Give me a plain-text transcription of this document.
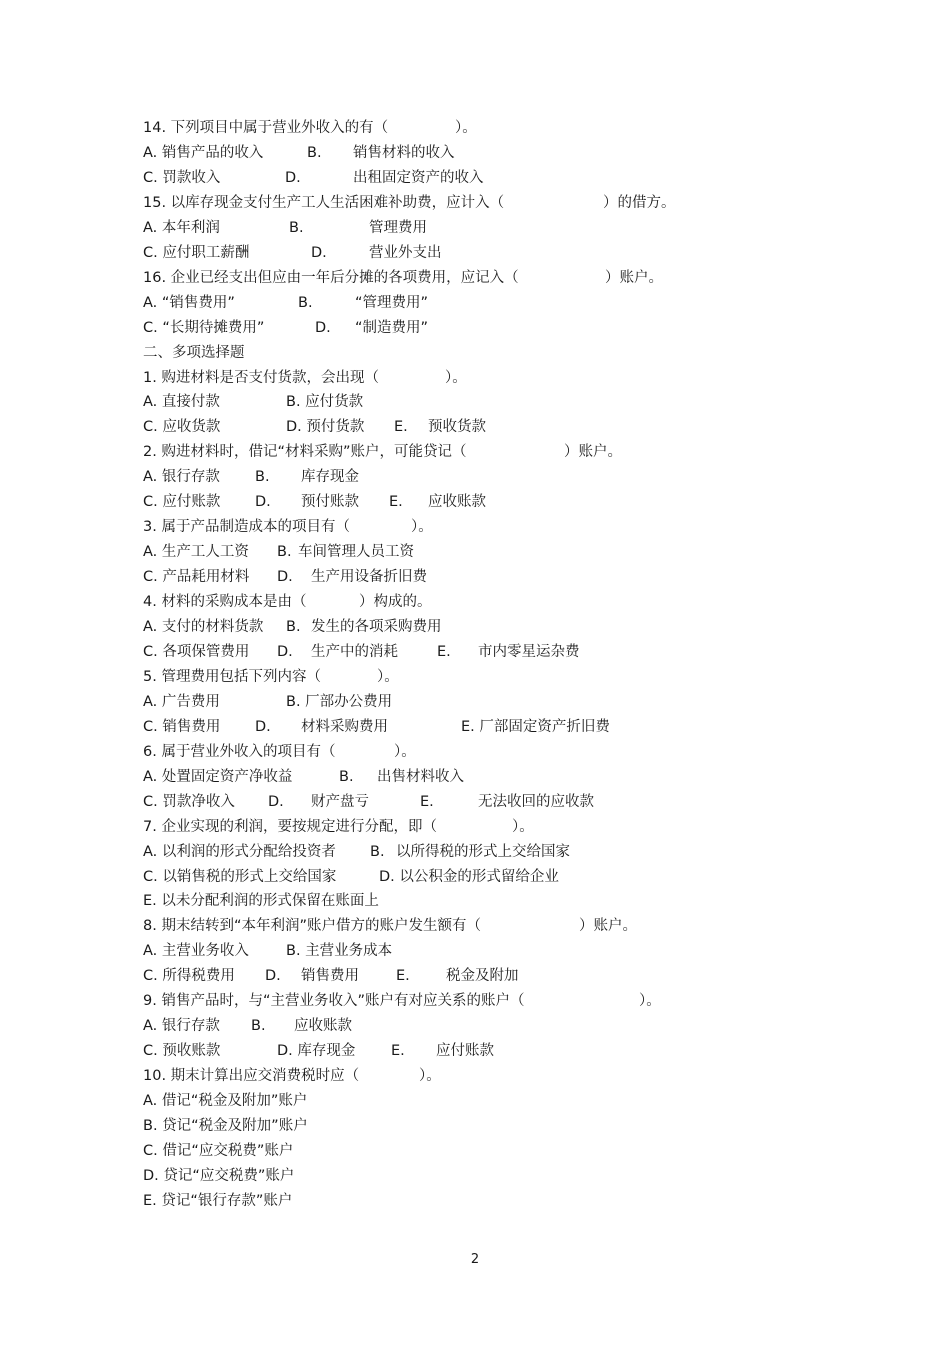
2
14. 下列项目中属于营业外收入的有（	）。
A. 销售产品的收入	B. 销售材料的收入
C. 罚款收入	D.	出租固定资产的收入
15. 以库存现金支付生产工人生活困难补助费，应计入（	）的借方。
A. 本年利润	B.	管理费用
C. 应付职工薪酬	D.	营业外支出
16. 企业已经支出但应由一年后分摊的各项费用，应记入（	）账户。
A. “销售费用”	B.	“管理费用”
C. “长期待摊费用”	D. “制造费用”
二、多项选择题
1. 购进材料是否支付货款，会出现（	）。
A. 直接付款	B. 应付货款
C. 应收货款	D. 预付货款 E. 预收货款
2. 购进材料时，借记“材料采购”账户，可能贷记（	）账户。
A. 银行存款 B. 库存现金
C. 应付账款 D. 预付账款 E. 应收账款
3. 属于产品制造成本的项目有（	）。
A. 生产工人工资 B. 车间管理人员工资
C. 产品耗用材料 D. 生产用设备折旧费
4. 材料的采购成本是由（	）构成的。
A. 支付的材料货款 B. 发生的各项采购费用
C. 各项保管费用 D. 生产中的消耗	E. 市内零星运杂费
5. 管理费用包括下列内容（	）。
A. 广告费用	B. 厂部办公费用
C. 销售费用 D. 材料采购费用	E. 厂部固定资产折旧费
6. 属于营业外收入的项目有（	）。
A. 处置固定资产净收益	B. 出售材料收入
C. 罚款净收入 D. 财产盘亏	E.	无法收回的应收款
7. 企业实现的利润，要按规定进行分配，即（	）。
A. 以利润的形式分配给投资者 B. 以所得税的形式上交给国家
C. 以销售税的形式上交给国家	D. 以公积金的形式留给企业
E. 以未分配利润的形式保留在账面上
8. 期末结转到“本年利润”账户借方的账户发生额有（	）账户。
A. 主营业务收入	B. 主营业务成本
C. 所得税费用 D. 销售费用	E. 税金及附加
9. 销售产品时，与“主营业务收入”账户有对应关系的账户（	）。
A. 银行存款 B. 应收账款
C. 预收账款	D. 库存现金 E. 应付账款
10. 期末计算出应交消费税时应（	）。
A. 借记“税金及附加”账户
B. 贷记“税金及附加”账户
C. 借记“应交税费”账户
D. 贷记“应交税费”账户
E. 贷记“银行存款”账户
